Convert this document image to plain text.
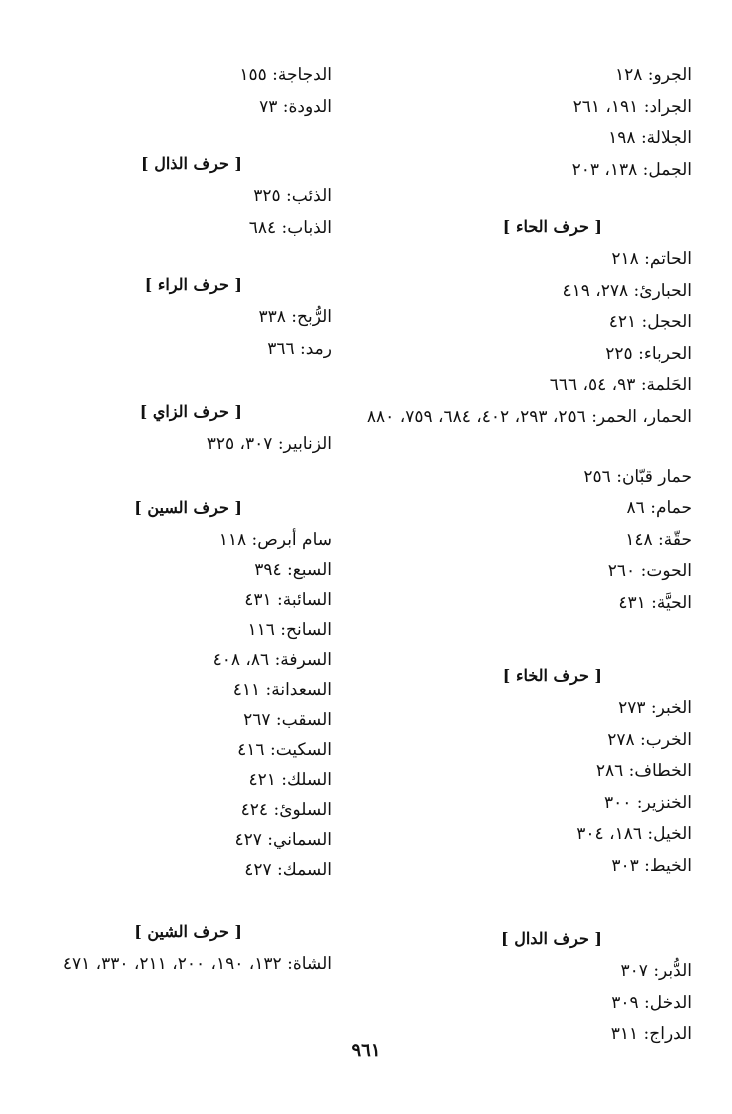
الجرو: ١٢٨
الجراد: ١٩١، ٢٦١
الجلالة: ١٩٨
الجمل: ١٣٨، ٢٠٣
[ حرف الحاء ]
الحاتم: ٢١٨
الحبارئ: ٢٧٨، ٤١٩
الحجل: ٤٢١
الحرباء: ٢٢٥
الحَلمة: ٩٣، ٥٤، ٦٦٦
الحمار، الحمر: ٢٥٦، ٢٩٣، ٤٠٢، ٦٨٤، ٧٥٩، ٨٨٠
حمار قبّان: ٢٥٦
حمام: ٨٦
حقّة: ١٤٨
الحوت: ٢٦٠
الحيَّة: ٤٣١
[ حرف الخاء ]
الخبر: ٢٧٣
الخرب: ٢٧٨
الخطاف: ٢٨٦
الخنزير: ٣٠٠
الخيل: ١٨٦، ٣٠٤
الخيط: ٣٠٣
[ حرف الدال ]
الدُّبر: ٣٠٧
الدخل: ٣٠٩
الدراج: ٣١١
الدجاجة: ١٥٥
الدودة: ٧٣
[ حرف الذال ]
الذئب: ٣٢٥
الذباب: ٦٨٤
[ حرف الراء ]
الرُّبح: ٣٣٨
رمد: ٣٦٦
[ حرف الزاي ]
الزنابير: ٣٠٧، ٣٢٥
[ حرف السين ]
سام أبرص: ١١٨
السبع: ٣٩٤
السائبة: ٤٣١
السانح: ١١٦
السرفة: ٨٦، ٤٠٨
السعدانة: ٤١١
السقب: ٢٦٧
السكيت: ٤١٦
السلك: ٤٢١
السلوئ: ٤٢٤
السماني: ٤٢٧
السمك: ٤٢٧
[ حرف الشين ]
الشاة: ١٣٢، ١٩٠، ٢٠٠، ٢١١، ٣٣٠، ٤٧١
٩٦١
